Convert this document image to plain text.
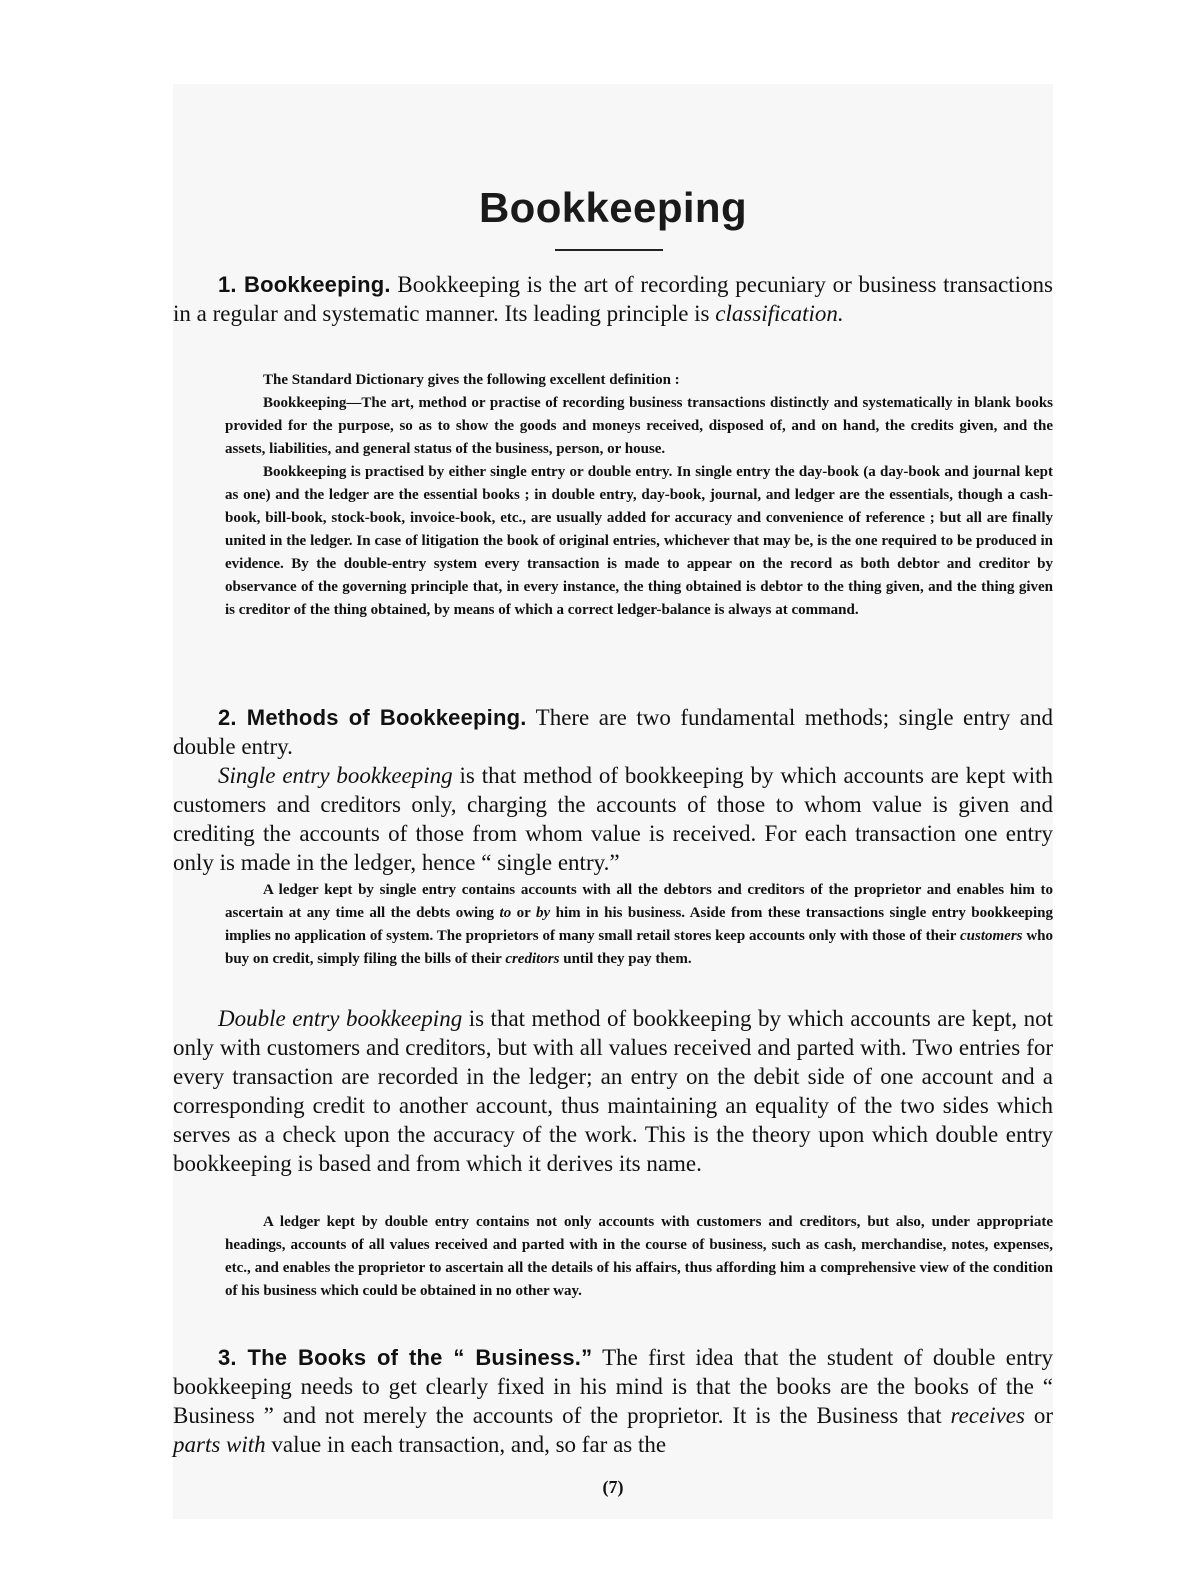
Bookkeeping

1. Bookkeeping. Bookkeeping is the art of recording pecuniary or business transactions in a regular and systematic manner. Its leading principle is classification.

The Standard Dictionary gives the following excellent definition :
Bookkeeping—The art, method or practise of recording business transactions distinctly and systematically in blank books provided for the purpose, so as to show the goods and moneys received, disposed of, and on hand, the credits given, and the assets, liabilities, and general status of the business, person, or house.
Bookkeeping is practised by either single entry or double entry. In single entry the day-book (a day-book and journal kept as one) and the ledger are the essential books ; in double entry, day-book, journal, and ledger are the essentials, though a cash-book, bill-book, stock-book, invoice-book, etc., are usually added for accuracy and convenience of reference ; but all are finally united in the ledger. In case of litigation the book of original entries, whichever that may be, is the one required to be produced in evidence. By the double-entry system every transaction is made to appear on the record as both debtor and creditor by observance of the governing principle that, in every instance, the thing obtained is debtor to the thing given, and the thing given is creditor of the thing obtained, by means of which a correct ledger-balance is always at command.

2. Methods of Bookkeeping. There are two fundamental methods; single entry and double entry.

Single entry bookkeeping is that method of bookkeeping by which accounts are kept with customers and creditors only, charging the accounts of those to whom value is given and crediting the accounts of those from whom value is received. For each transaction one entry only is made in the ledger, hence “ single entry.”

A ledger kept by single entry contains accounts with all the debtors and creditors of the proprietor and enables him to ascertain at any time all the debts owing to or by him in his business. Aside from these transactions single entry bookkeeping implies no application of system. The proprietors of many small retail stores keep accounts only with those of their customers who buy on credit, simply filing the bills of their creditors until they pay them.

Double entry bookkeeping is that method of bookkeeping by which accounts are kept, not only with customers and creditors, but with all values received and parted with. Two entries for every transaction are recorded in the ledger; an entry on the debit side of one account and a corresponding credit to another account, thus maintaining an equality of the two sides which serves as a check upon the accuracy of the work. This is the theory upon which double entry bookkeeping is based and from which it derives its name.

A ledger kept by double entry contains not only accounts with customers and creditors, but also, under appropriate headings, accounts of all values received and parted with in the course of business, such as cash, merchandise, notes, expenses, etc., and enables the proprietor to ascertain all the details of his affairs, thus affording him a comprehensive view of the condition of his business which could be obtained in no other way.

3. The Books of the “ Business.” The first idea that the student of double entry bookkeeping needs to get clearly fixed in his mind is that the books are the books of the “ Business ” and not merely the accounts of the proprietor. It is the Business that receives or parts with value in each transaction, and, so far as the

(7)
